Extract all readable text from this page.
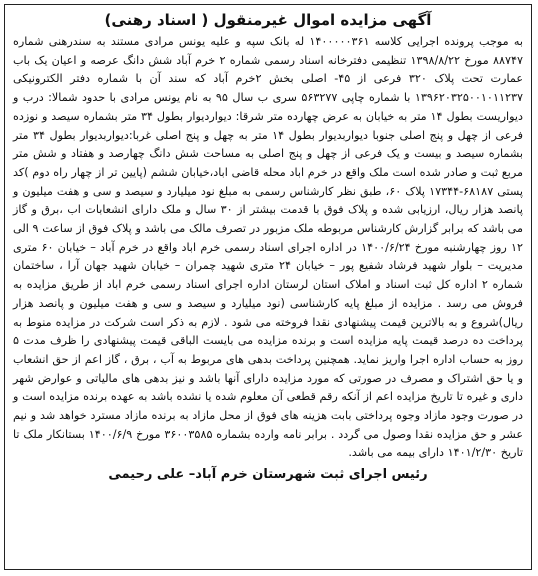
آگهی مزایده اموال غیرمنقول ( اسناد رهنی)

به موجب پرونده اجرایی کلاسه ۱۴۰۰۰۰۰۳۶۱ له بانک سپه و علیه یونس مرادی مستند به سندرهنی شماره ۸۸۷۴۷ مورخ ۱۳۹۸/۸/۲۲ تنظیمی دفترخانه اسناد رسمی شماره ۲ خرم آباد شش دانگ عرصه و اعیان یک باب عمارت تحت پلاک ۳۲۰ فرعی از ۴۵- اصلی بخش ۲خرم آباد که سند آن با شماره دفتر الکترونیکی ۱۳۹۶۲۰۳۲۵۰۰۱۰۱۱۲۳۷ با شماره چاپی ۵۶۳۲۷۷ سری ب سال ۹۵ به نام یونس مرادی با حدود شمالا: درب و دیواریست بطول ۱۴ متر به خیابان به عرض چهارده متر شرقا: دیواردیوار بطول ۳۴ متر بشماره سیصد و نوزده فرعی از چهل و پنج اصلی جنوبا دیواربدیوار بطول ۱۴ متر به چهل و پنج اصلی غربا:دیواربدیوار بطول ۳۴ متر بشماره سیصد و بیست و یک فرعی از چهل و پنج اصلی به مساحت شش دانگ چهارصد و هفتاد و شش متر مربع ثبت و صادر شده است ملک واقع در خرم اباد محله قاضی اباد،خیابان ششم (پایین تر از چهار راه دوم )کد پستی ۶۸۱۸۷-۱۷۳۴۴ پلاک ۶۰، طبق نظر کارشناس رسمی به مبلغ نود میلیارد و سیصد و سی و هفت میلیون و پانصد هزار ریال، ارزیابی شده و پلاک فوق با قدمت بیشتر از ۳۰ سال و ملک دارای انشعابات اب ،برق و گاز می باشد که برابر گزارش کارشناس مربوطه ملک مزبور در تصرف مالک می باشد و پلاک فوق از ساعت ۹ الی ۱۲ روز چهارشنبه مورخ ۱۴۰۰/۶/۲۴ در اداره اجرای اسناد رسمی خرم اباد واقع در خرم آباد – خیابان ۶۰ متری مدیریت – بلوار شهید فرشاد شفیع پور – خیابان ۲۴ متری شهید چمران – خیابان شهید جهان آرا ، ساختمان شماره ۲ اداره کل ثبت اسناد و املاک استان لرستان اداره اجرای اسناد رسمی خرم اباد از طریق مزایده به فروش می رسد . مزایده از مبلغ پایه کارشناسی (نود میلیارد و سیصد و سی و هفت میلیون و پانصد هزار ریال)شروع و به بالاترین قیمت پیشنهادی نقدا فروخته می شود . لازم به ذکر است شرکت در مزایده منوط به پرداخت ده درصد قیمت پایه مزایده است و برنده مزایده می بایست الباقی قیمت پیشنهادی را ظرف مدت ۵ روز به حساب اداره اجرا واریز نماید. همچنین پرداخت بدهی های مربوط به آب ، برق ، گاز اعم از حق انشعاب و یا حق اشتراک و مصرف در صورتی که مورد مزایده دارای آنها باشد و نیز بدهی های مالیاتی و عوارض شهر داری و غیره تا تاریخ مزایده اعم از آنکه رقم قطعی آن معلوم شده یا نشده باشد به عهده برنده مزایده است و در صورت وجود مازاد وجوه پرداختی بابت هزینه های فوق از محل مازاد به برنده مازاد مسترد خواهد شد و نیم عشر و حق مزایده نقدا وصول می گردد . برابر نامه وارده بشماره ۳۶۰۰۳۵۸۵ مورخ ۱۴۰۰/۶/۹ بستانکار ملک تا تاریخ ۱۴۰۱/۲/۳۰ دارای بیمه می باشد.

رئیس اجرای ثبت شهرستان خرم آباد– علی رحیمی
